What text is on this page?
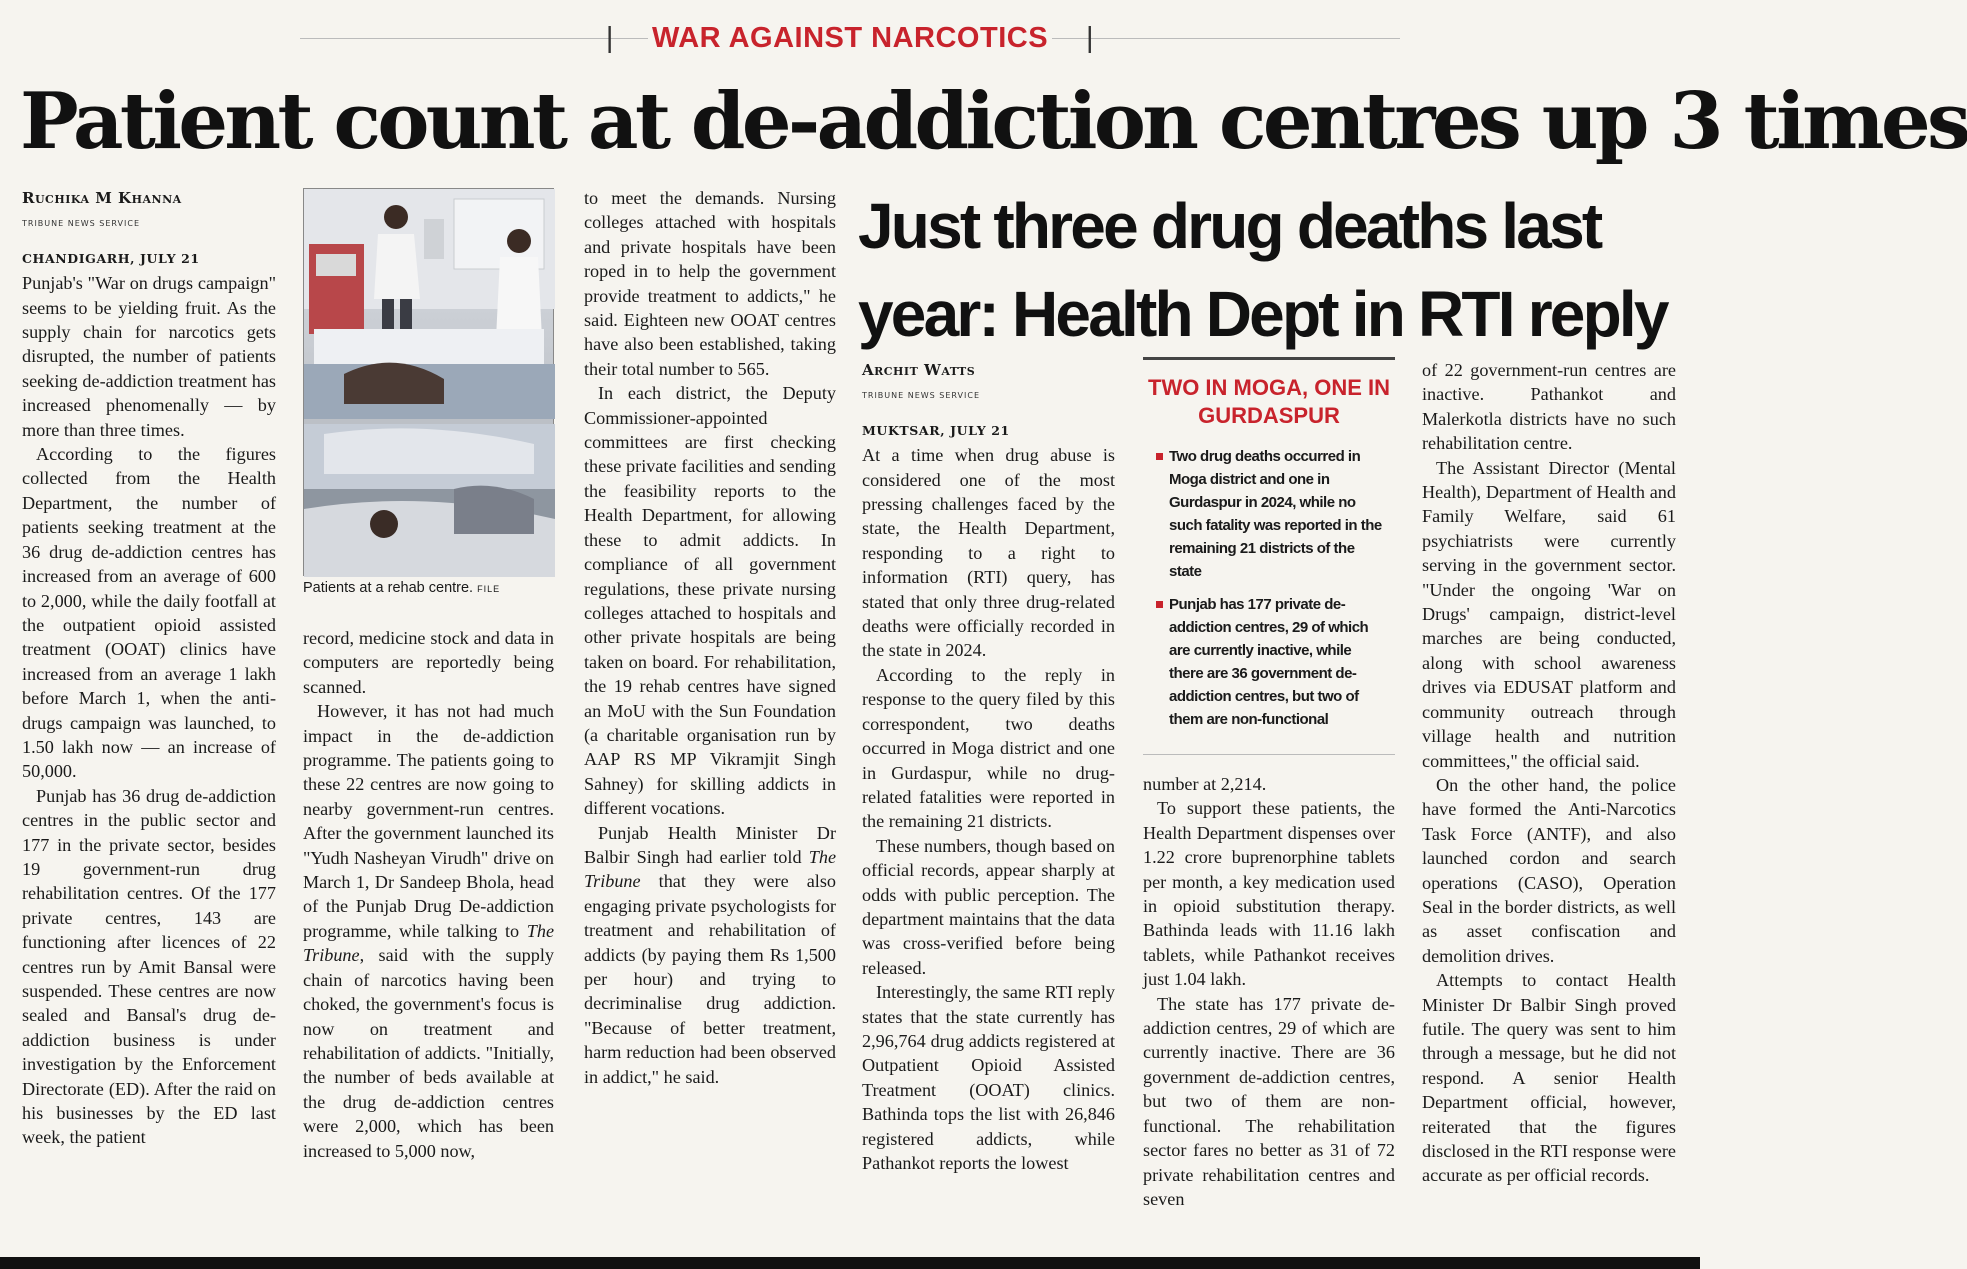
| WAR AGAINST NARCOTICS |
Patient count at de-addiction centres up 3 times
Ruchika M Khanna
TRIBUNE NEWS SERVICE
CHANDIGARH, JULY 21

Punjab's "War on drugs campaign" seems to be yielding fruit. As the supply chain for narcotics gets disrupted, the number of patients seeking de-addiction treatment has increased phenomenally — by more than three times.

According to the figures collected from the Health Department, the number of patients seeking treatment at the 36 drug de-addiction centres has increased from an average of 600 to 2,000, while the daily footfall at the outpatient opioid assisted treatment (OOAT) clinics have increased from an average 1 lakh before March 1, when the anti-drugs campaign was launched, to 1.50 lakh now — an increase of 50,000.

Punjab has 36 drug de-addiction centres in the public sector and 177 in the private sector, besides 19 government-run drug rehabilitation centres. Of the 177 private centres, 143 are functioning after licences of 22 centres run by Amit Bansal were suspended. These centres are now sealed and Bansal's drug de-addiction business is under investigation by the Enforcement Directorate (ED). After the raid on his businesses by the ED last week, the patient

Patients at a rehab centre. FILE

record, medicine stock and data in computers are reportedly being scanned.

However, it has not had much impact in the de-addiction programme. The patients going to these 22 centres are now going to nearby government-run centres. After the government launched its "Yudh Nasheyan Virudh" drive on March 1, Dr Sandeep Bhola, head of the Punjab Drug De-addiction programme, while talking to The Tribune, said with the supply chain of narcotics having been choked, the government's focus is now on treatment and rehabilitation of addicts. "Initially, the number of beds available at the drug de-addiction centres were 2,000, which has been increased to 5,000 now,

to meet the demands. Nursing colleges attached with hospitals and private hospitals have been roped in to help the government provide treatment to addicts," he said. Eighteen new OOAT centres have also been established, taking their total number to 565.

In each district, the Deputy Commissioner-appointed committees are first checking these private facilities and sending the feasibility reports to the Health Department, for allowing these to admit addicts. In compliance of all government regulations, these private nursing colleges attached to hospitals and other private hospitals are being taken on board. For rehabilitation, the 19 rehab centres have signed an MoU with the Sun Foundation (a charitable organisation run by AAP RS MP Vikramjit Singh Sahney) for skilling addicts in different vocations.

Punjab Health Minister Dr Balbir Singh had earlier told The Tribune that they were also engaging private psychologists for treatment and rehabilitation of addicts (by paying them Rs 1,500 per hour) and trying to decriminalise drug addiction. "Because of better treatment, harm reduction had been observed in addict," he said.

Just three drug deaths last year: Health Dept in RTI reply
Archit Watts
TRIBUNE NEWS SERVICE
MUKTSAR, JULY 21

At a time when drug abuse is considered one of the most pressing challenges faced by the state, the Health Department, responding to a right to information (RTI) query, has stated that only three drug-related deaths were officially recorded in the state in 2024.

According to the reply in response to the query filed by this correspondent, two deaths occurred in Moga district and one in Gurdaspur, while no drug-related fatalities were reported in the remaining 21 districts.

These numbers, though based on official records, appear sharply at odds with public perception. The department maintains that the data was cross-verified before being released.

Interestingly, the same RTI reply states that the state currently has 2,96,764 drug addicts registered at Outpatient Opioid Assisted Treatment (OOAT) clinics. Bathinda tops the list with 26,846 registered addicts, while Pathankot reports the lowest

TWO IN MOGA, ONE IN GURDASPUR
Two drug deaths occurred in Moga district and one in Gurdaspur in 2024, while no such fatality was reported in the remaining 21 districts of the state
Punjab has 177 private de-addiction centres, 29 of which are currently inactive, while there are 36 government de-addiction centres, but two of them are non-functional

number at 2,214.

To support these patients, the Health Department dispenses over 1.22 crore buprenorphine tablets per month, a key medication used in opioid substitution therapy. Bathinda leads with 11.16 lakh tablets, while Pathankot receives just 1.04 lakh.

The state has 177 private de-addiction centres, 29 of which are currently inactive. There are 36 government de-addiction centres, but two of them are non-functional. The rehabilitation sector fares no better as 31 of 72 private rehabilitation centres and seven

of 22 government-run centres are inactive. Pathankot and Malerkotla districts have no such rehabilitation centre.

The Assistant Director (Mental Health), Department of Health and Family Welfare, said 61 psychiatrists were currently serving in the government sector. "Under the ongoing 'War on Drugs' campaign, district-level marches are being conducted, along with school awareness drives via EDUSAT platform and community outreach through village health and nutrition committees," the official said.

On the other hand, the police have formed the Anti-Narcotics Task Force (ANTF), and also launched cordon and search operations (CASO), Operation Seal in the border districts, as well as asset confiscation and demolition drives.

Attempts to contact Health Minister Dr Balbir Singh proved futile. The query was sent to him through a message, but he did not respond. A senior Health Department official, however, reiterated that the figures disclosed in the RTI response were accurate as per official records.
